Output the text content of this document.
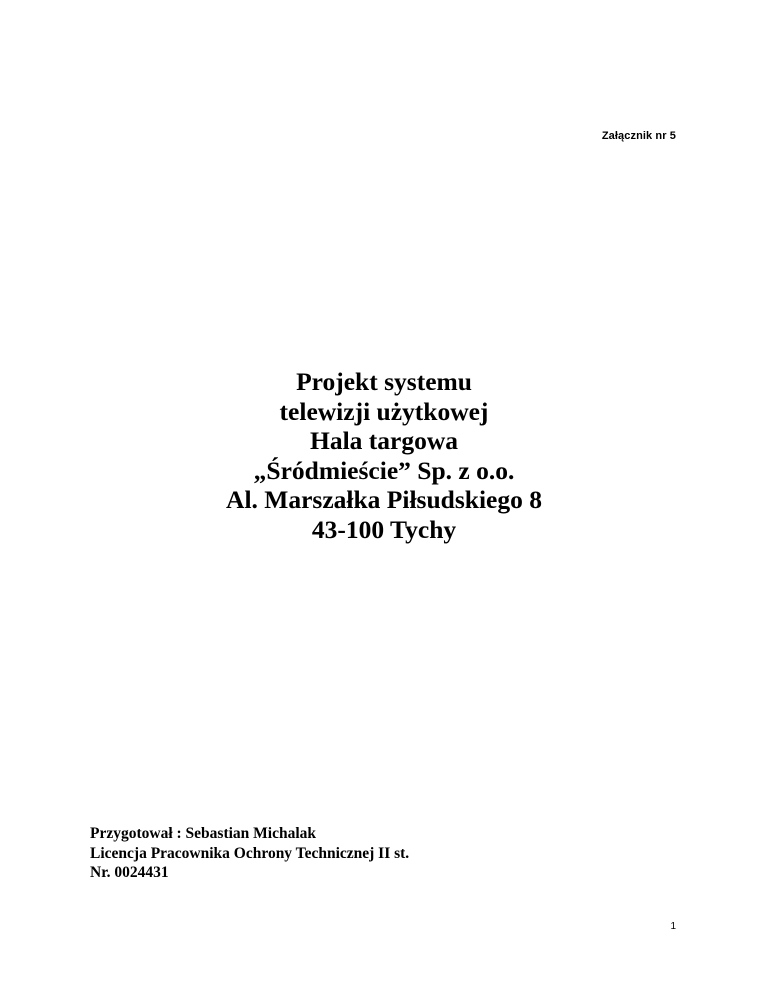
Załącznik nr 5
Projekt systemu
telewizji użytkowej
Hala targowa
„Śródmieście” Sp. z o.o.
Al. Marszałka Piłsudskiego 8
43-100 Tychy
Przygotował : Sebastian Michalak
Licencja Pracownika Ochrony Technicznej II st.
Nr. 0024431
1
